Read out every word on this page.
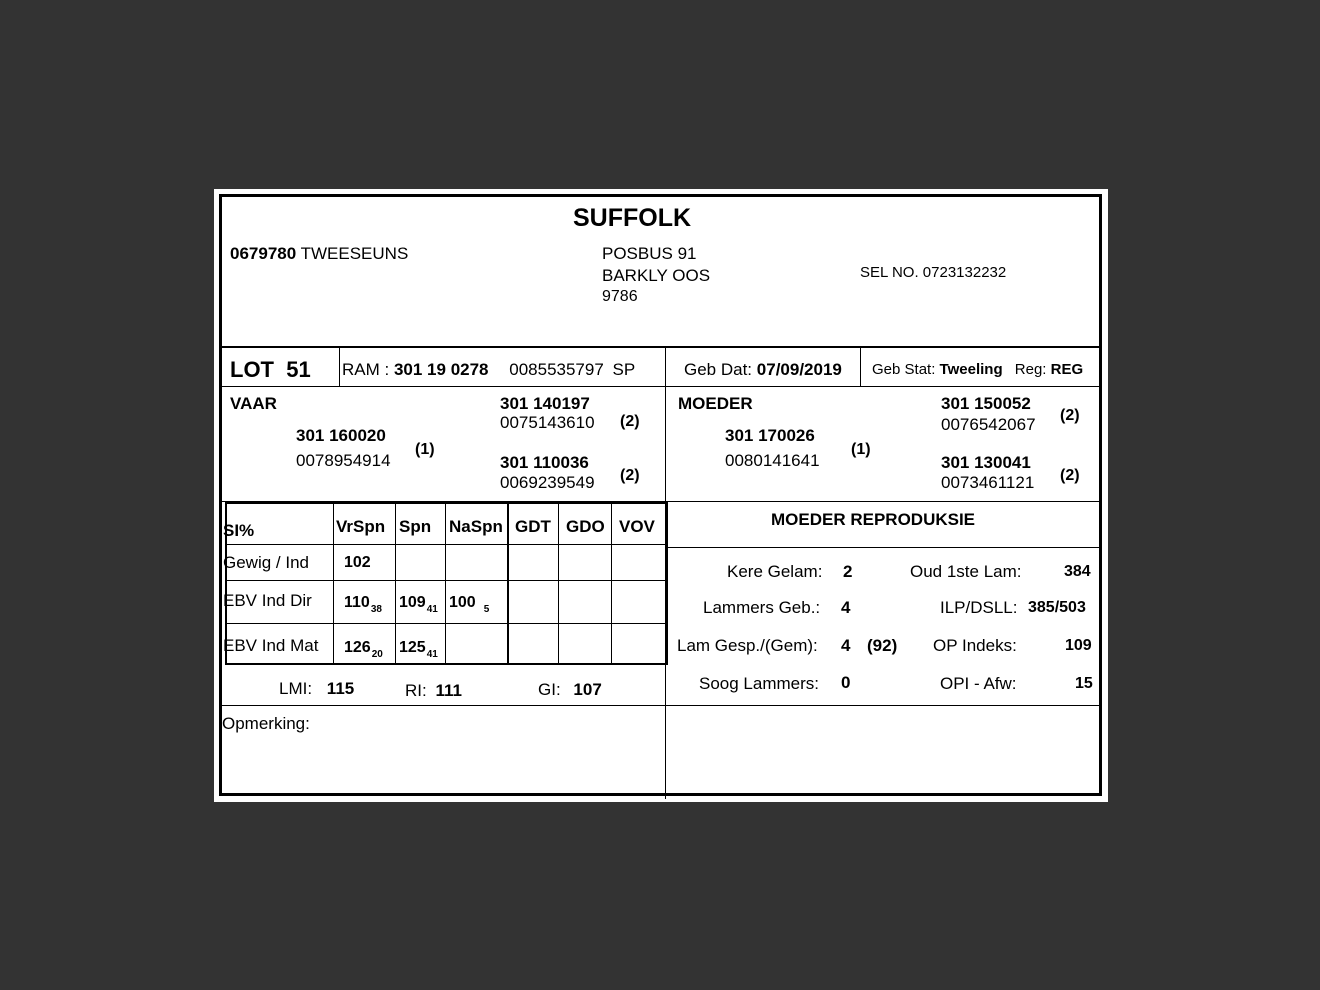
SUFFOLK
0679780 TWEESEUNS	POSBUS 91
BARKLY OOS
9786
SEL NO. 0723132232
LOT 51 RAM : 301 19 0278 0085535797 SP	Geb Dat: 07/09/2019 Geb Stat: Tweeling Reg: REG
VAAR
301 160020
0078954914
(1)
301 140197
0075143610 (2)
301 110036
0069239549 (2)
MOEDER
301 170026
0080141641
(1)
301 150052
0076542067 (2)
301 130041
0073461121 (2)
SI%	VrSpn Spn NaSpn GDT GDO VOV
Gewig / Ind 102
EBV Ind Dir $110_{38}$ $109_{41}$ 100 $_5$
EBV Ind Mat $126_{20}$ $125_{41}$
LMI: 115	RI: 111	GI: 107
MOEDER REPRODUKSIE
Kere Gelam: 2	Oud 1ste Lam:	384
Lammers Geb.: 4	ILP/DSLL: 385/503
Lam Gesp./(Gem): 4 (92) OP Indeks:	109
Soog Lammers: 0	OPI - Afw:	15
Opmerking:
